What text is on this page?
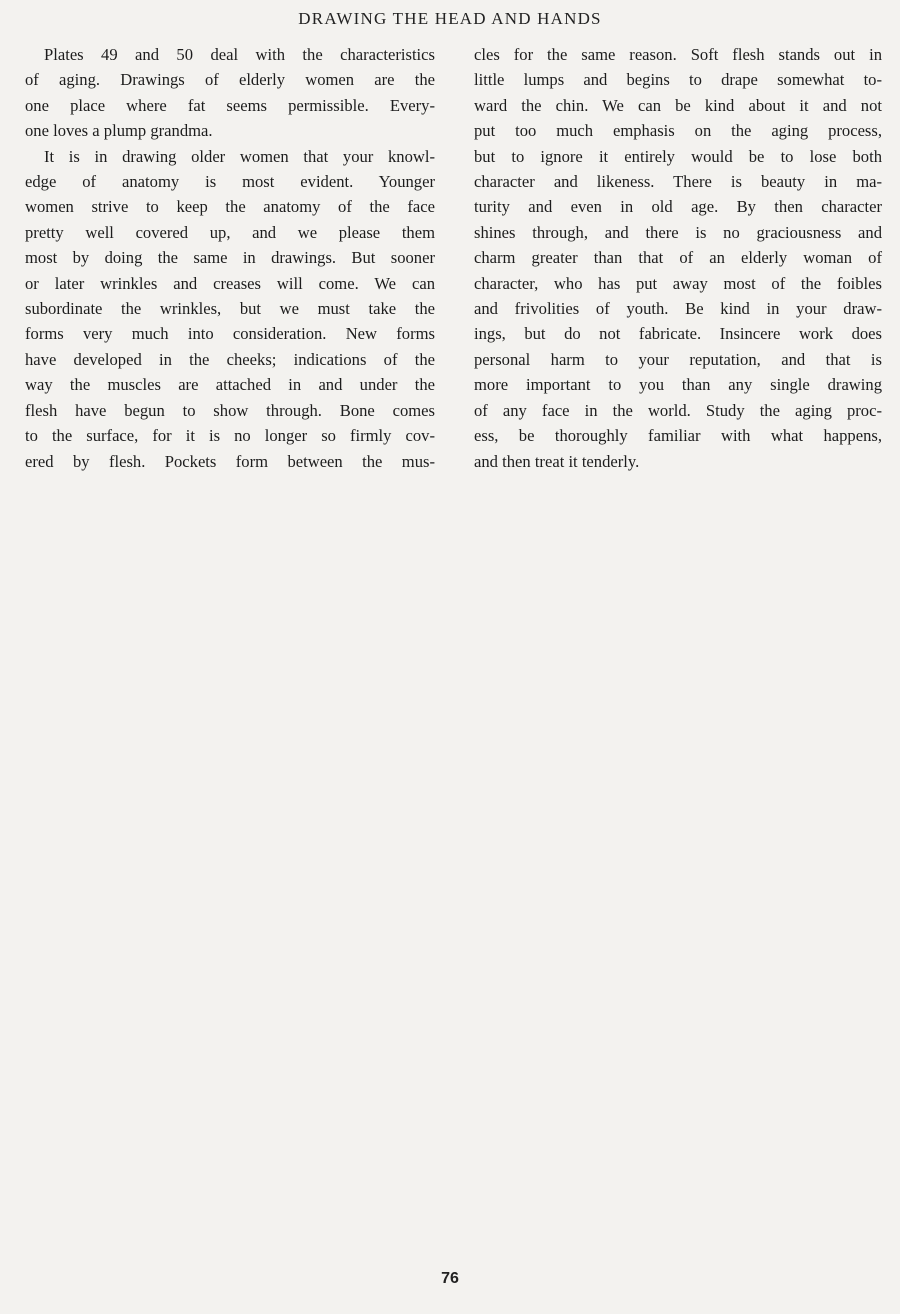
DRAWING THE HEAD AND HANDS
Plates 49 and 50 deal with the characteristics
of aging. Drawings of elderly women are the
one place where fat seems permissible. Every-
one loves a plump grandma.
It is in drawing older women that your knowl-
edge of anatomy is most evident. Younger
women strive to keep the anatomy of the face
pretty well covered up, and we please them
most by doing the same in drawings. But sooner
or later wrinkles and creases will come. We can
subordinate the wrinkles, but we must take the
forms very much into consideration. New forms
have developed in the cheeks; indications of the
way the muscles are attached in and under the
flesh have begun to show through. Bone comes
to the surface, for it is no longer so firmly cov-
ered by flesh. Pockets form between the mus-
cles for the same reason. Soft flesh stands out in
little lumps and begins to drape somewhat to-
ward the chin. We can be kind about it and not
put too much emphasis on the aging process,
but to ignore it entirely would be to lose both
character and likeness. There is beauty in ma-
turity and even in old age. By then character
shines through, and there is no graciousness and
charm greater than that of an elderly woman of
character, who has put away most of the foibles
and frivolities of youth. Be kind in your draw-
ings, but do not fabricate. Insincere work does
personal harm to your reputation, and that is
more important to you than any single drawing
of any face in the world. Study the aging proc-
ess, be thoroughly familiar with what happens,
and then treat it tenderly.
76
